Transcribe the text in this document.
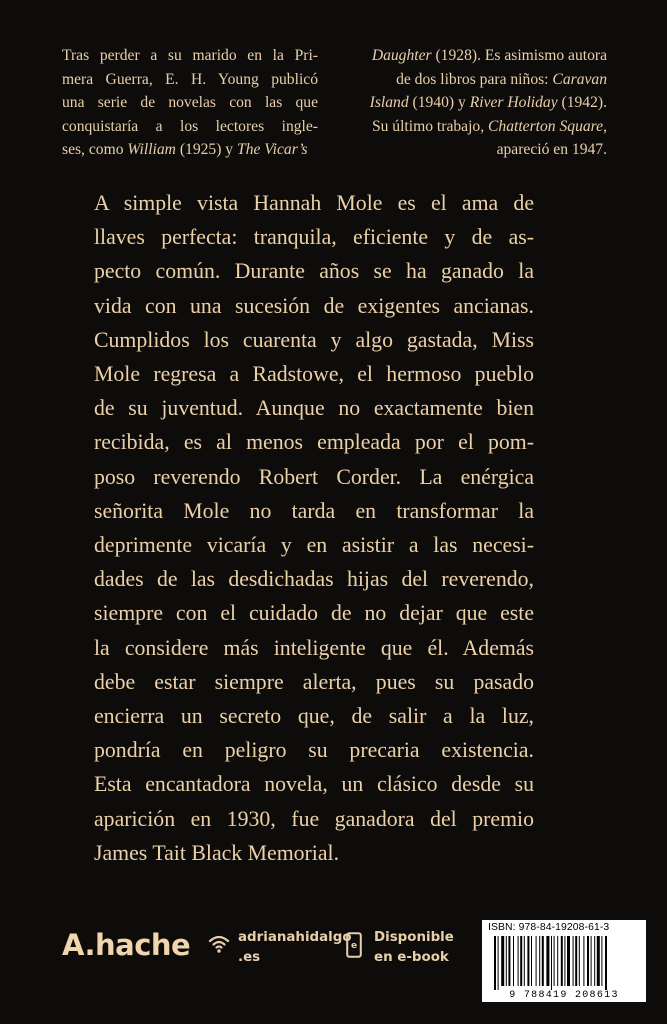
Tras perder a su marido en la Pri-
mera Guerra, E. H. Young publicó
una serie de novelas con las que
conquistaría a los lectores ingle-
ses, como William (1925) y The Vicar’s
Daughter (1928). Es asimismo autora
de dos libros para niños: Caravan
Island (1940) y River Holiday (1942).
Su último trabajo, Chatterton Square,
apareció en 1947.
A simple vista Hannah Mole es el ama de
llaves perfecta: tranquila, eficiente y de as-
pecto común. Durante años se ha ganado la
vida con una sucesión de exigentes ancianas.
Cumplidos los cuarenta y algo gastada, Miss
Mole regresa a Radstowe, el hermoso pueblo
de su juventud. Aunque no exactamente bien
recibida, es al menos empleada por el pom-
poso reverendo Robert Corder. La enérgica
señorita Mole no tarda en transformar la
deprimente vicaría y en asistir a las necesi-
dades de las desdichadas hijas del reverendo,
siempre con el cuidado de no dejar que este
la considere más inteligente que él. Además
debe estar siempre alerta, pues su pasado
encierra un secreto que, de salir a la luz,
pondría en peligro su precaria existencia.
Esta encantadora novela, un clásico desde su
aparición en 1930, fue ganadora del premio
James Tait Black Memorial.
A.hache	adrianahidalgo
.es
e
Disponible
en e-book
ISBN: 978-84-19208-61-3
9 788419 208613
